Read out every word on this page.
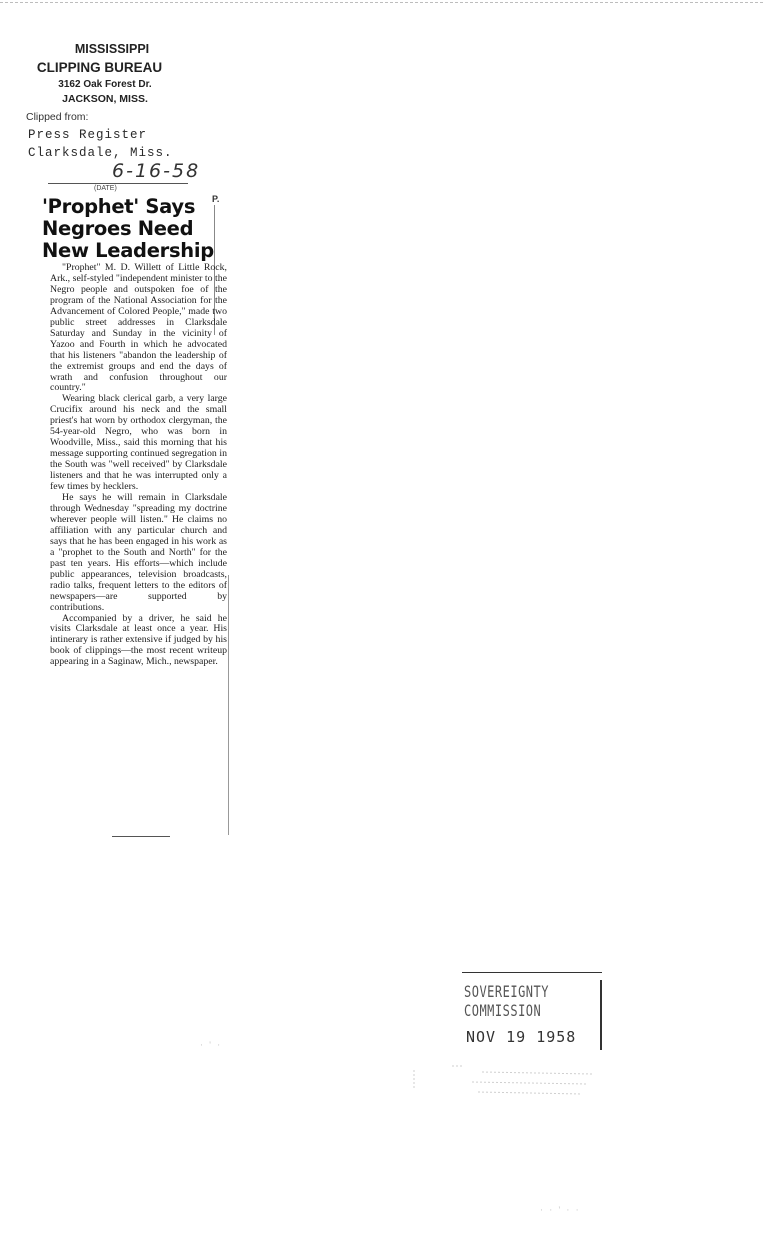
MISSISSIPPI
CLIPPING BUREAU
3162 Oak Forest Dr.
JACKSON, MISS.
Clipped from:
Press Register
Clarksdale, Miss.
6-16-58
(DATE)
P.
'Prophet' Says
Negroes Need
New Leadership

"Prophet" M. D. Willett of Little Rock, Ark., self-styled "independent minister to the Negro people and outspoken foe of the program of the National Association for the Advancement of Colored People," made two public street addresses in Clarksdale Saturday and Sunday in the vicinity of Yazoo and Fourth in which he advocated that his listeners "abandon the leadership of the extremist groups and end the days of wrath and confusion throughout our country."

Wearing black clerical garb, a very large Crucifix around his neck and the small priest's hat worn by orthodox clergyman, the 54-year-old Negro, who was born in Woodville, Miss., said this morning that his message supporting continued segregation in the South was "well received" by Clarksdale listeners and that he was interrupted only a few times by hecklers.

He says he will remain in Clarksdale through Wednesday "spreading my doctrine wherever people will listen." He claims no affiliation with any particular church and says that he has been engaged in his work as a "prophet to the South and North" for the past ten years. His efforts—which include public appearances, television broadcasts, radio talks, frequent letters to the editors of newspapers—are supported by contributions.

Accompanied by a driver, he said he visits Clarksdale at least once a year. His intinerary is rather extensive if judged by his book of clippings—the most recent writeup appearing in a Saginaw, Mich., newspaper.

SOVEREIGNTY COMMISSION
NOV 19 1958
· ' ·
· · ' · ·
